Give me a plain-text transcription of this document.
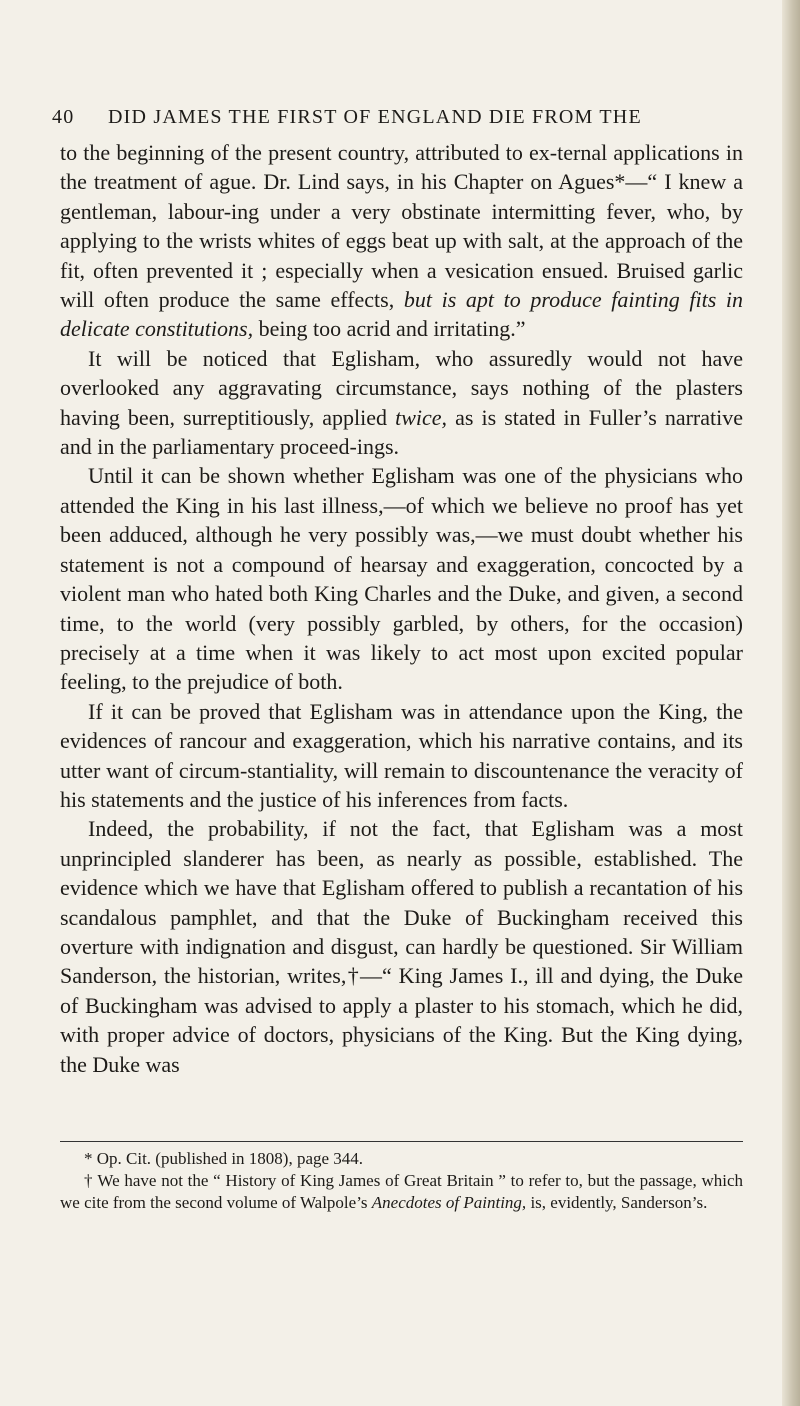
40	DID JAMES THE FIRST OF ENGLAND DIE FROM THE

to the beginning of the present country, attributed to ex-ternal applications in the treatment of ague. Dr. Lind says, in his Chapter on Agues*—“ I knew a gentleman, labour-ing under a very obstinate intermitting fever, who, by applying to the wrists whites of eggs beat up with salt, at the approach of the fit, often prevented it ; especially when a vesication ensued. Bruised garlic will often produce the same effects, but is apt to produce fainting fits in delicate constitutions, being too acrid and irritating.”

It will be noticed that Eglisham, who assuredly would not have overlooked any aggravating circumstance, says nothing of the plasters having been, surreptitiously, applied twice, as is stated in Fuller’s narrative and in the parliamentary proceed-ings.

Until it can be shown whether Eglisham was one of the physicians who attended the King in his last illness,—of which we believe no proof has yet been adduced, although he very possibly was,—we must doubt whether his statement is not a compound of hearsay and exaggeration, concocted by a violent man who hated both King Charles and the Duke, and given, a second time, to the world (very possibly garbled, by others, for the occasion) precisely at a time when it was likely to act most upon excited popular feeling, to the prejudice of both.

If it can be proved that Eglisham was in attendance upon the King, the evidences of rancour and exaggeration, which his narrative contains, and its utter want of circum-stantiality, will remain to discountenance the veracity of his statements and the justice of his inferences from facts.

Indeed, the probability, if not the fact, that Eglisham was a most unprincipled slanderer has been, as nearly as possible, established. The evidence which we have that Eglisham offered to publish a recantation of his scandalous pamphlet, and that the Duke of Buckingham received this overture with indignation and disgust, can hardly be questioned. Sir William Sanderson, the historian, writes,†—“ King James I., ill and dying, the Duke of Buckingham was advised to apply a plaster to his stomach, which he did, with proper advice of doctors, physicians of the King. But the King dying, the Duke was

* Op. Cit. (published in 1808), page 344.

† We have not the “ History of King James of Great Britain ” to refer to, but the passage, which we cite from the second volume of Walpole’s Anecdotes of Painting, is, evidently, Sanderson’s.
